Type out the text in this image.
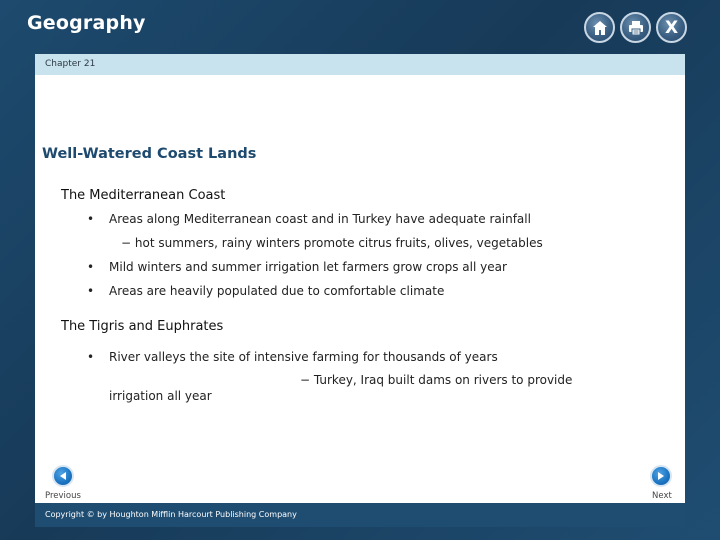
Geography	X
Chapter 21
Well-Watered Coast Lands
The Mediterranean Coast
• Areas along Mediterranean coast and in Turkey have adequate rainfall
− hot summers, rainy winters promote citrus fruits, olives, vegetables
• Mild winters and summer irrigation let farmers grow crops all year
• Areas are heavily populated due to comfortable climate
The Tigris and Euphrates
• River valleys the site of intensive farming for thousands of years
− Turkey, Iraq built dams on rivers to provide
irrigation all year
Previous	Next
Copyright © by Houghton Mifflin Harcourt Publishing Company
